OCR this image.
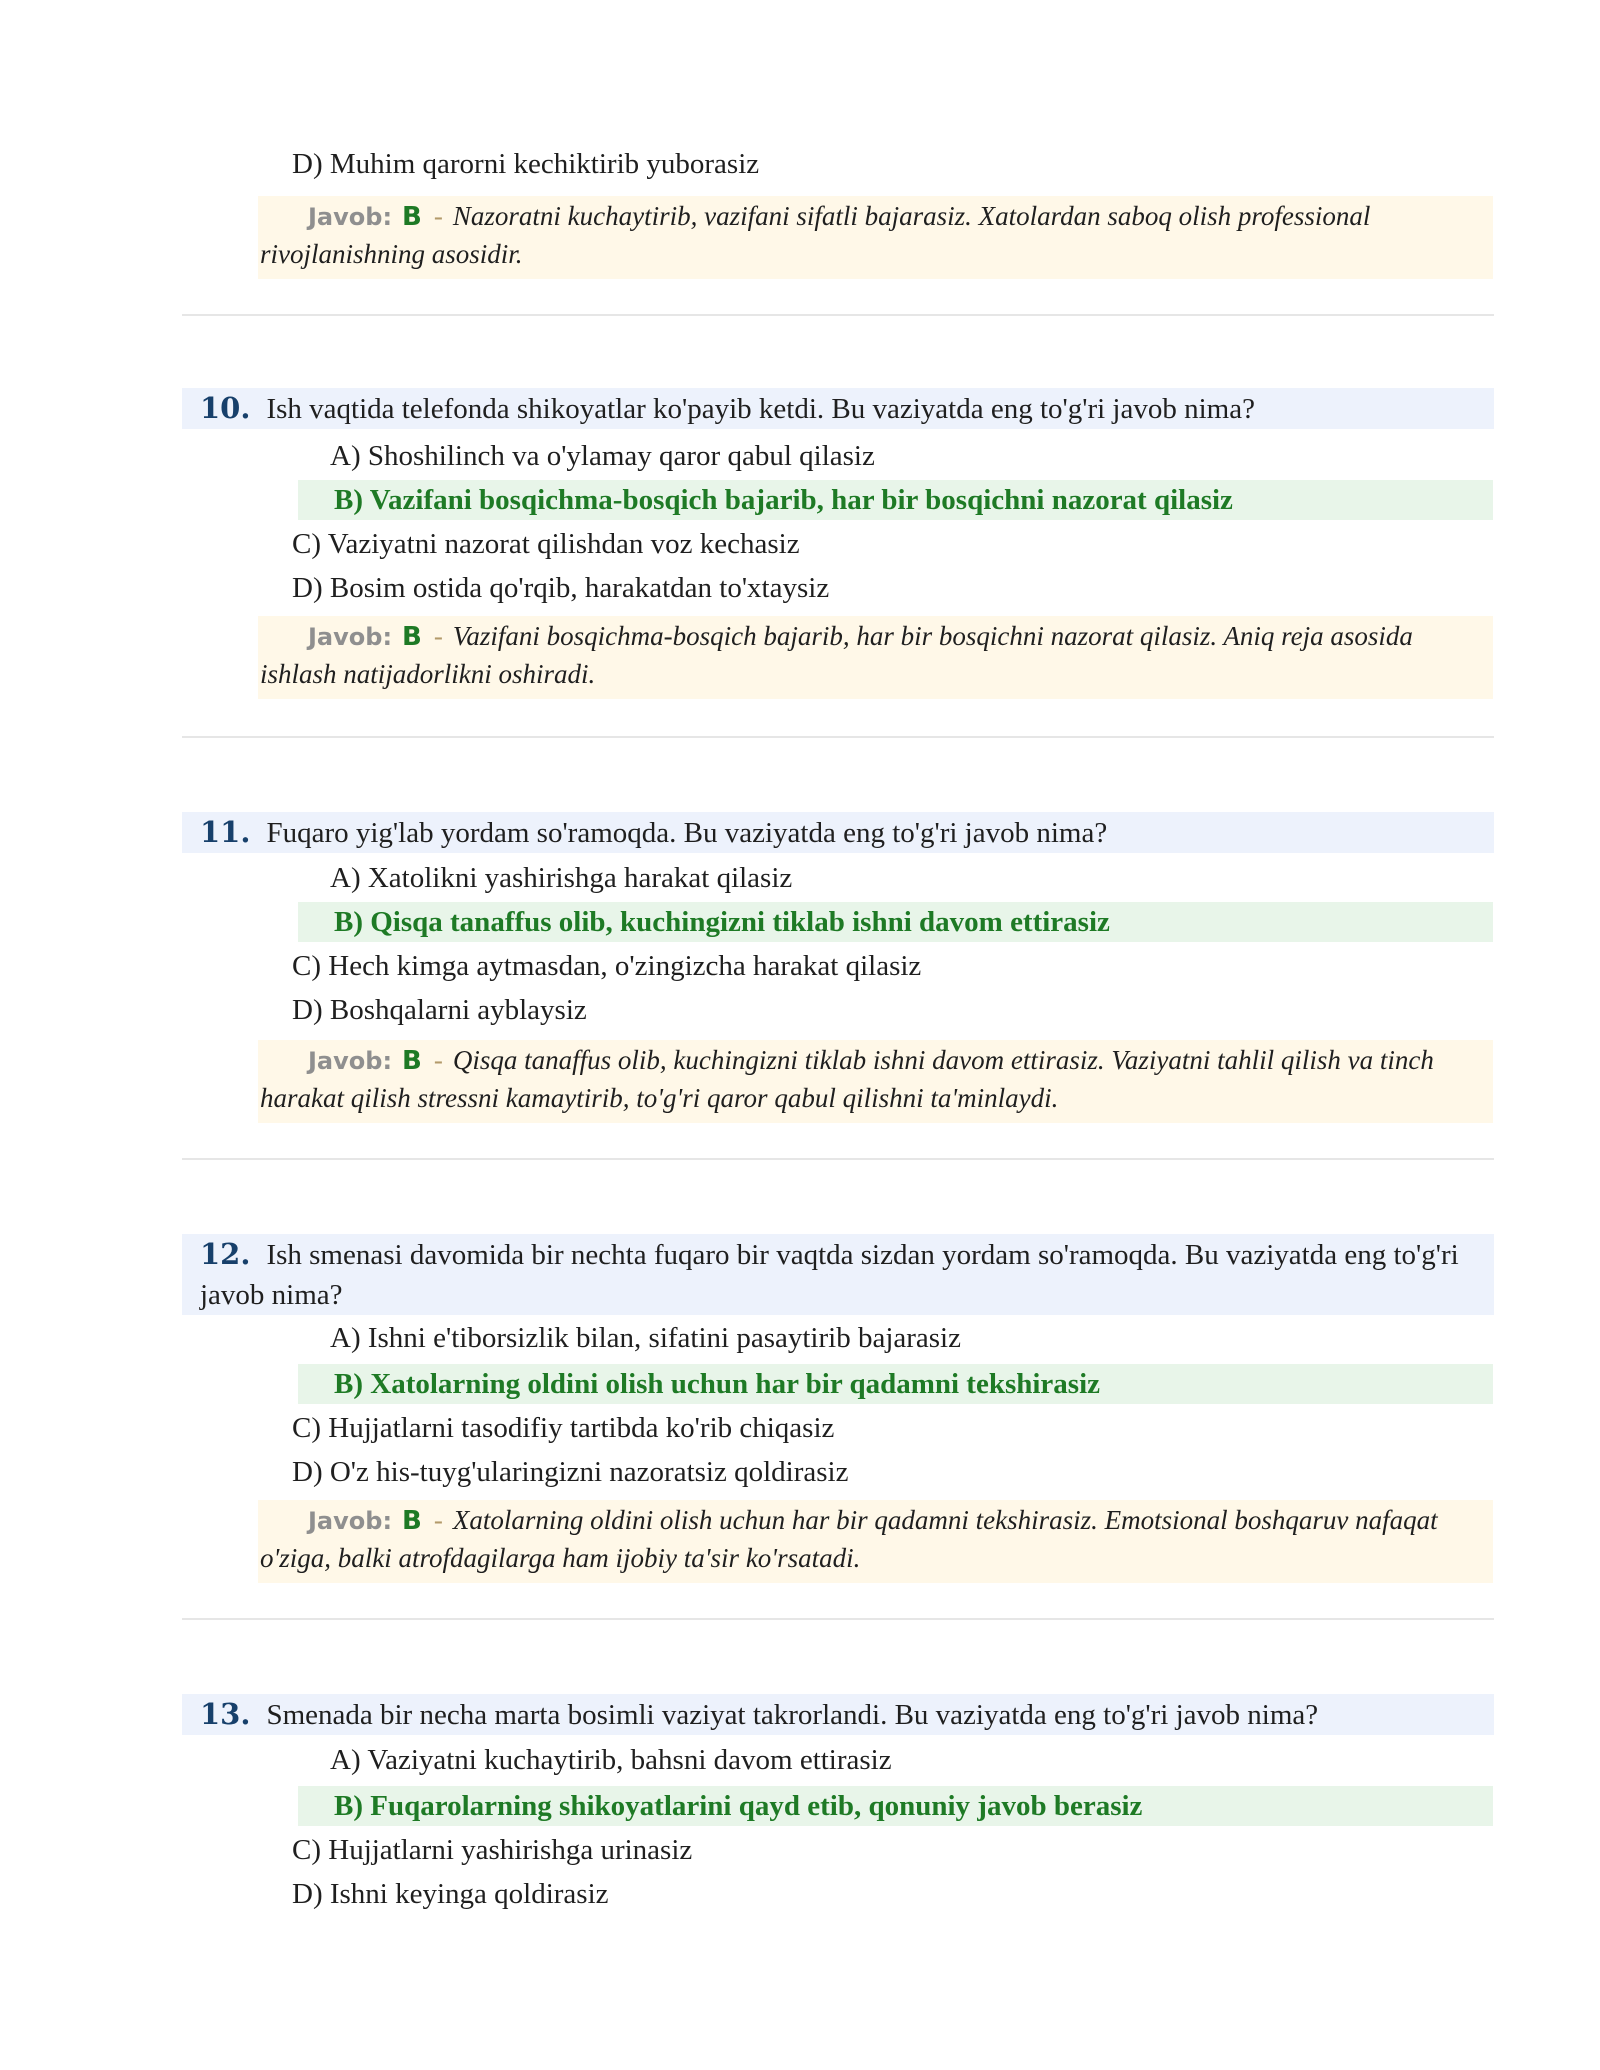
D) Muhim qarorni kechiktirib yuborasiz
Javob: B - Nazoratni kuchaytirib, vazifani sifatli bajarasiz. Xatolardan saboq olish professional rivojlanishning asosidir.
10. Ish vaqtida telefonda shikoyatlar ko'payib ketdi. Bu vaziyatda eng to'g'ri javob nima?
A) Shoshilinch va o'ylamay qaror qabul qilasiz
B) Vazifani bosqichma-bosqich bajarib, har bir bosqichni nazorat qilasiz
C) Vaziyatni nazorat qilishdan voz kechasiz
D) Bosim ostida qo'rqib, harakatdan to'xtaysiz
Javob: B - Vazifani bosqichma-bosqich bajarib, har bir bosqichni nazorat qilasiz. Aniq reja asosida ishlash natijadorlikni oshiradi.
11. Fuqaro yig'lab yordam so'ramoqda. Bu vaziyatda eng to'g'ri javob nima?
A) Xatolikni yashirishga harakat qilasiz
B) Qisqa tanaffus olib, kuchingizni tiklab ishni davom ettirasiz
C) Hech kimga aytmasdan, o'zingizcha harakat qilasiz
D) Boshqalarni ayblaysiz
Javob: B - Qisqa tanaffus olib, kuchingizni tiklab ishni davom ettirasiz. Vaziyatni tahlil qilish va tinch harakat qilish stressni kamaytirib, to'g'ri qaror qabul qilishni ta'minlaydi.
12. Ish smenasi davomida bir nechta fuqaro bir vaqtda sizdan yordam so'ramoqda. Bu vaziyatda eng to'g'ri javob nima?
A) Ishni e'tiborsizlik bilan, sifatini pasaytirib bajarasiz
B) Xatolarning oldini olish uchun har bir qadamni tekshirasiz
C) Hujjatlarni tasodifiy tartibda ko'rib chiqasiz
D) O'z his-tuyg'ularingizni nazoratsiz qoldirasiz
Javob: B - Xatolarning oldini olish uchun har bir qadamni tekshirasiz. Emotsional boshqaruv nafaqat o'ziga, balki atrofdagilarga ham ijobiy ta'sir ko'rsatadi.
13. Smenada bir necha marta bosimli vaziyat takrorlandi. Bu vaziyatda eng to'g'ri javob nima?
A) Vaziyatni kuchaytirib, bahsni davom ettirasiz
B) Fuqarolarning shikoyatlarini qayd etib, qonuniy javob berasiz
C) Hujjatlarni yashirishga urinasiz
D) Ishni keyinga qoldirasiz
